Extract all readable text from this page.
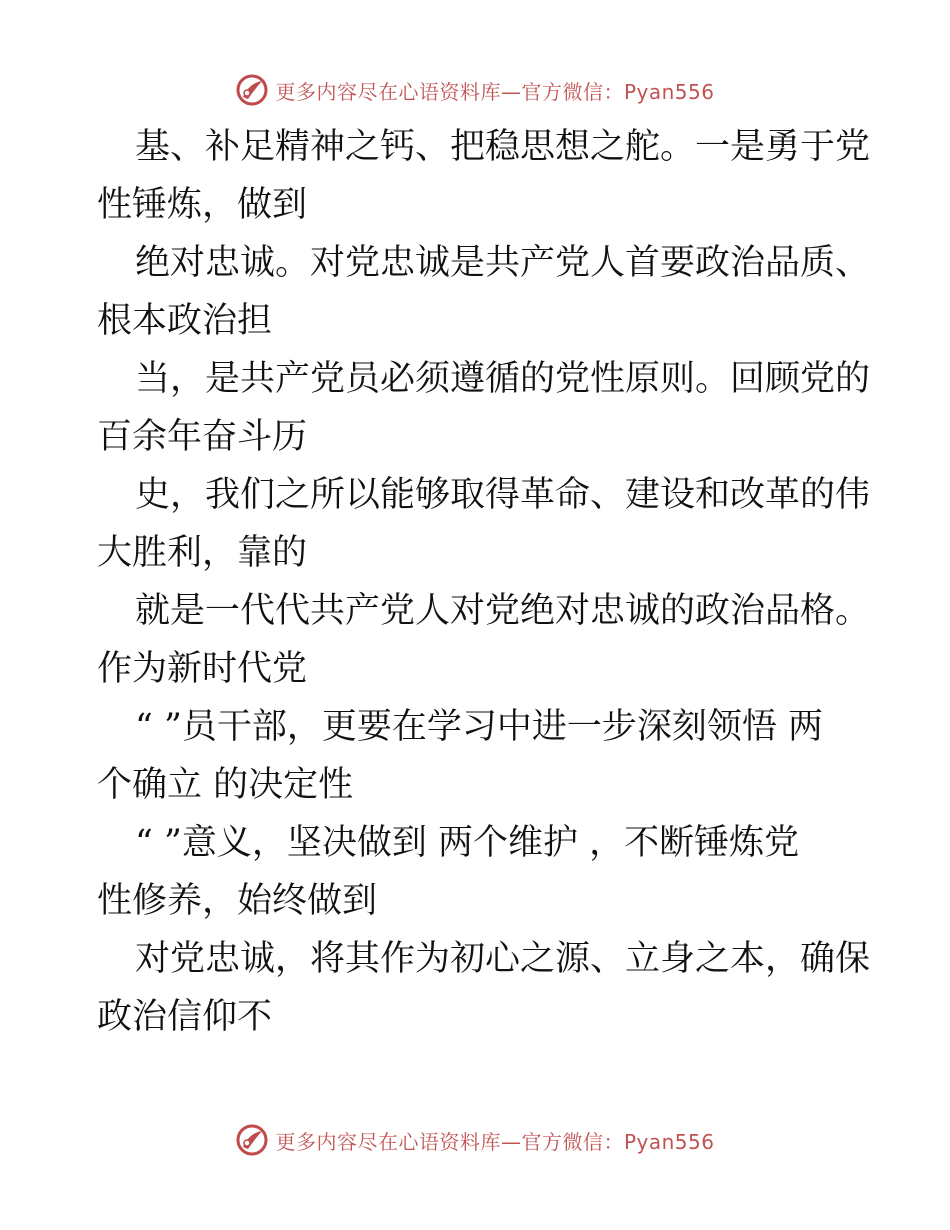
更多内容尽在心语资料库—官方微信：Pyan556

基、补足精神之钙、把稳思想之舵。一是勇于党
性锤炼，做到

绝对忠诚。对党忠诚是共产党人首要政治品质、
根本政治担

当，是共产党员必须遵循的党性原则。回顾党的
百余年奋斗历

史，我们之所以能够取得革命、建设和改革的伟
大胜利，靠的

就是一代代共产党人对党绝对忠诚的政治品格。
作为新时代党

“ ”员干部，更要在学习中进一步深刻领悟 两
个确立 的决定性

“ ”意义，坚决做到 两个维护 ，不断锤炼党
性修养，始终做到

对党忠诚，将其作为初心之源、立身之本，确保
政治信仰不

更多内容尽在心语资料库—官方微信：Pyan556
